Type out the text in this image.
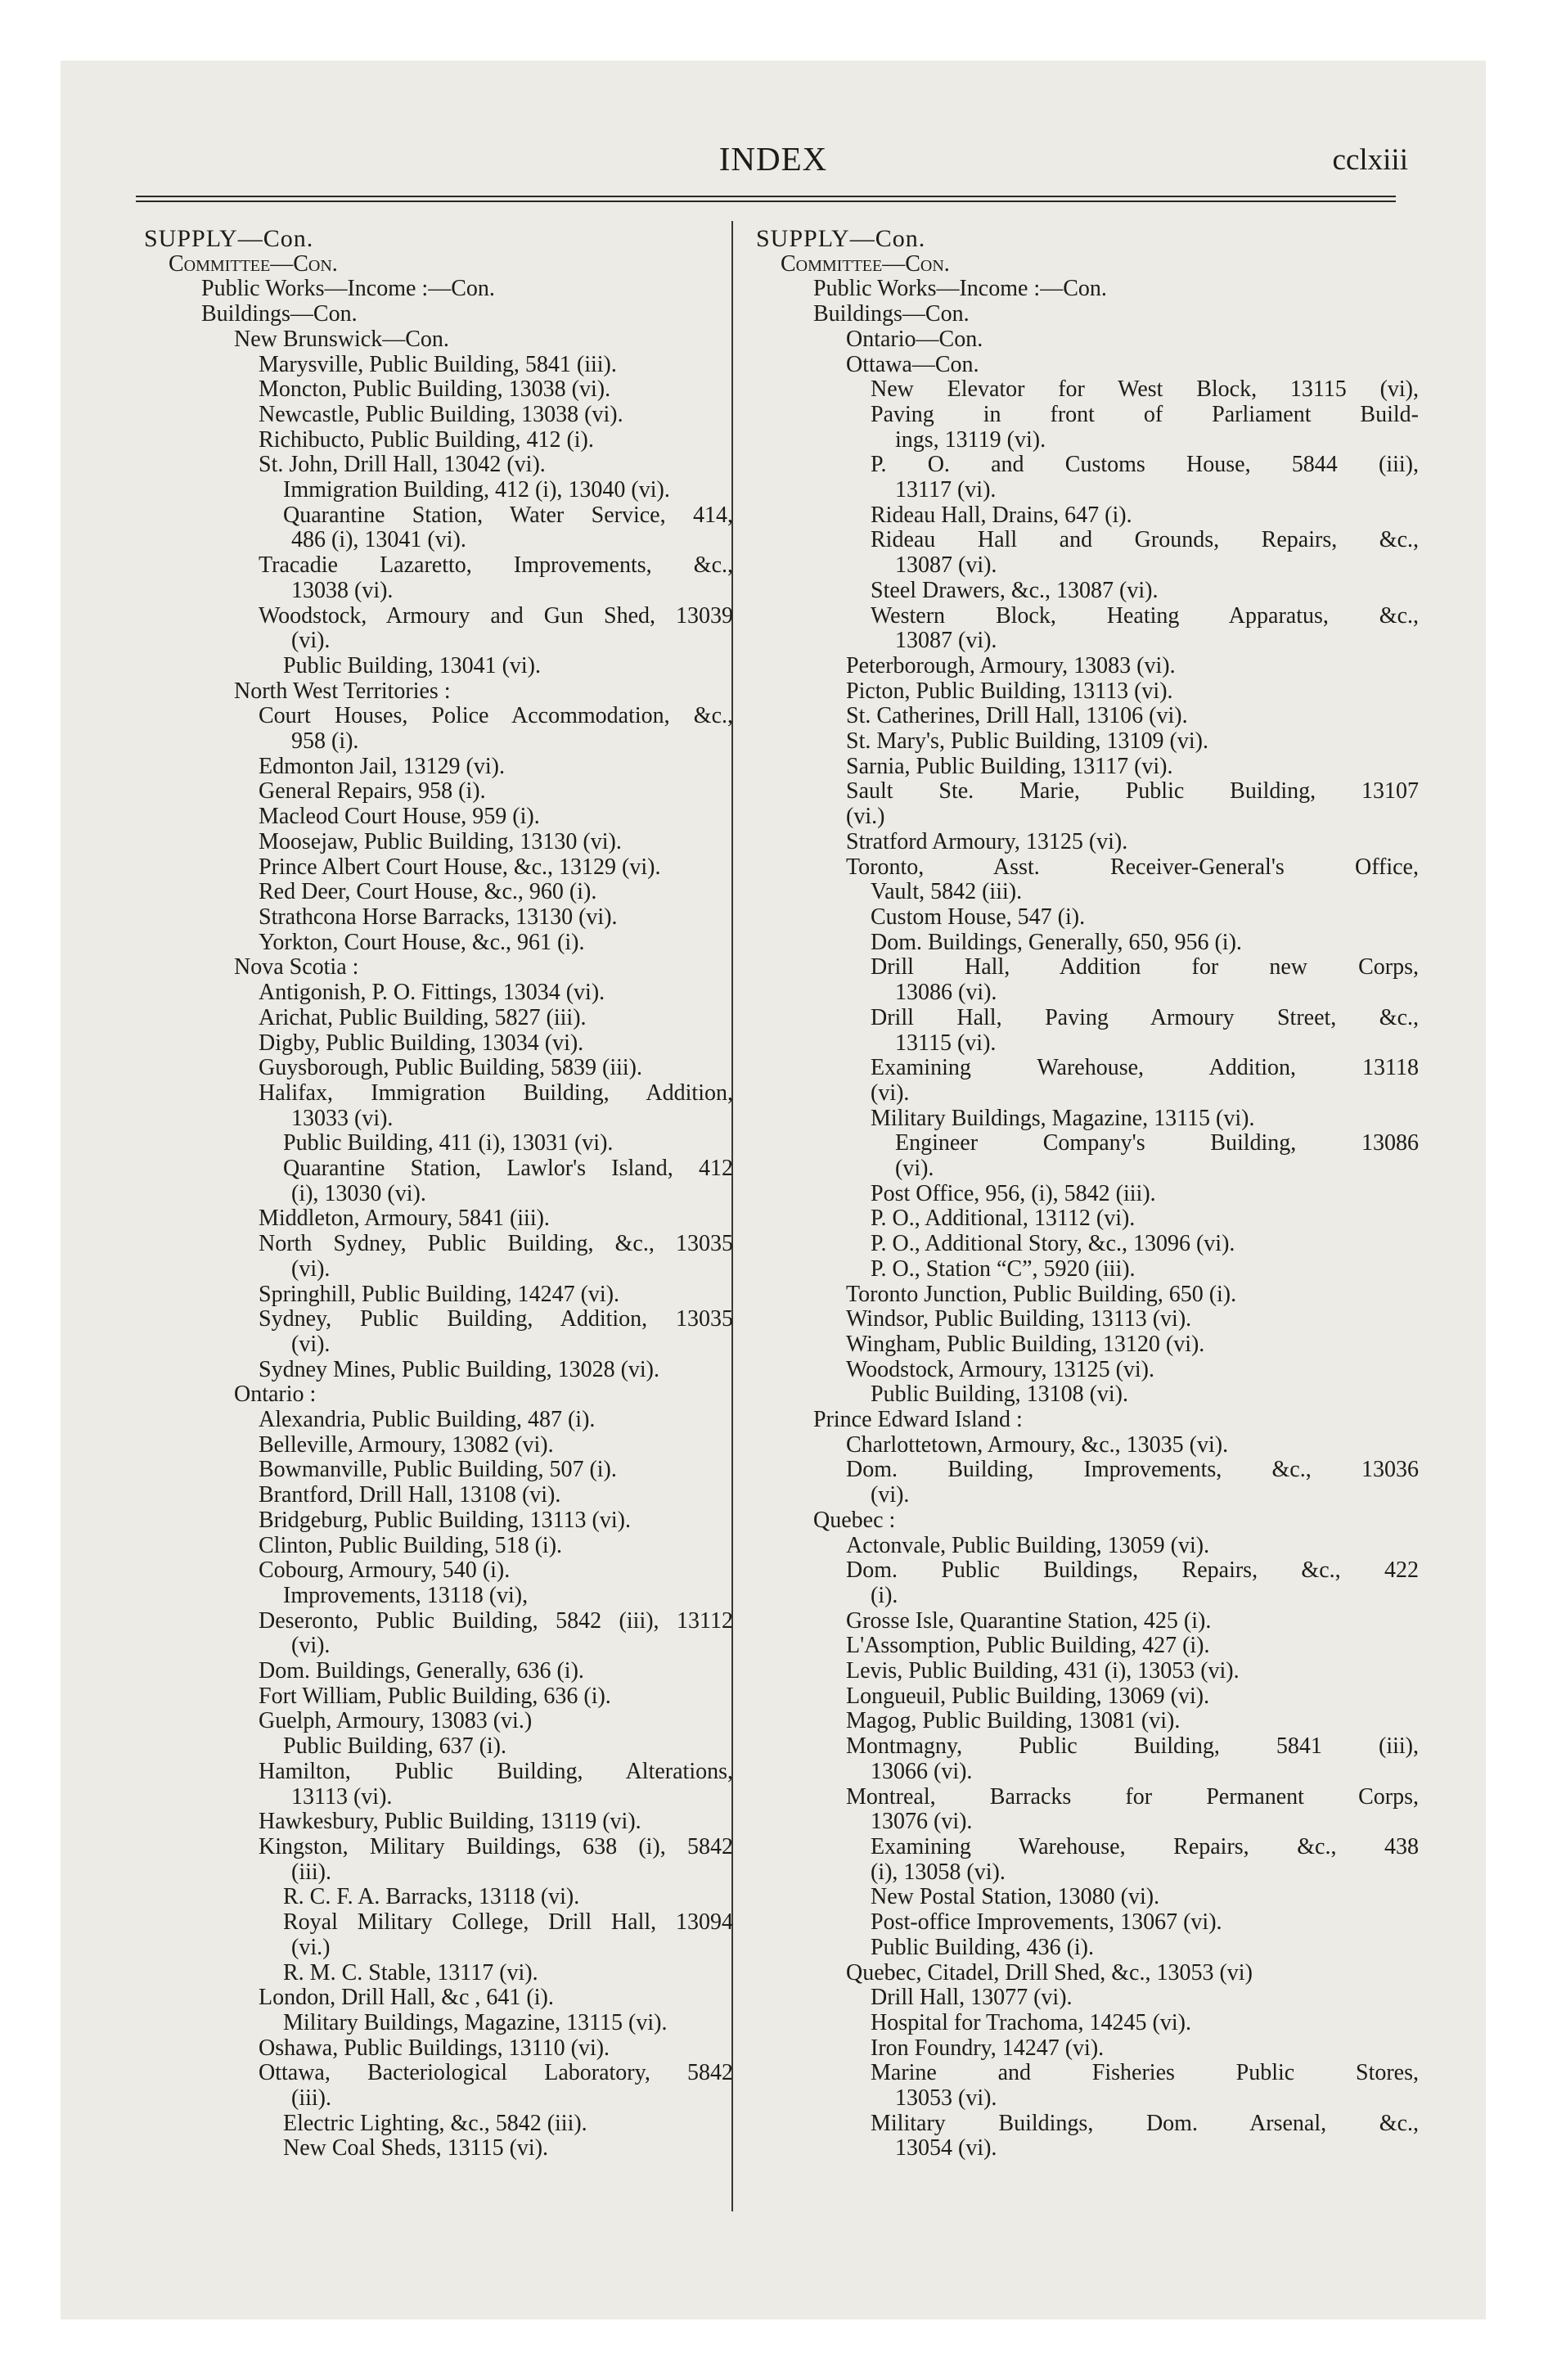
INDEX	cclxiii
SUPPLY—Con.
Committee—Con.
Public Works—Income :—Con.
Buildings—Con.
New Brunswick—Con.
Marysville, Public Building, 5841 (iii).
Moncton, Public Building, 13038 (vi).
Newcastle, Public Building, 13038 (vi).
Richibucto, Public Building, 412 (i).
St. John, Drill Hall, 13042 (vi).
Immigration Building, 412 (i), 13040 (vi).
Quarantine Station, Water Service, 414,
486 (i), 13041 (vi).
Tracadie Lazaretto, Improvements, &c.,
13038 (vi).
Woodstock, Armoury and Gun Shed, 13039
(vi).
Public Building, 13041 (vi).
North West Territories :
Court Houses, Police Accommodation, &c.,
958 (i).
Edmonton Jail, 13129 (vi).
General Repairs, 958 (i).
Macleod Court House, 959 (i).
Moosejaw, Public Building, 13130 (vi).
Prince Albert Court House, &c., 13129 (vi).
Red Deer, Court House, &c., 960 (i).
Strathcona Horse Barracks, 13130 (vi).
Yorkton, Court House, &c., 961 (i).
Nova Scotia :
Antigonish, P. O. Fittings, 13034 (vi).
Arichat, Public Building, 5827 (iii).
Digby, Public Building, 13034 (vi).
Guysborough, Public Building, 5839 (iii).
Halifax, Immigration Building, Addition,
13033 (vi).
Public Building, 411 (i), 13031 (vi).
Quarantine Station, Lawlor's Island, 412
(i), 13030 (vi).
Middleton, Armoury, 5841 (iii).
North Sydney, Public Building, &c., 13035
(vi).
Springhill, Public Building, 14247 (vi).
Sydney, Public Building, Addition, 13035
(vi).
Sydney Mines, Public Building, 13028 (vi).
Ontario :
Alexandria, Public Building, 487 (i).
Belleville, Armoury, 13082 (vi).
Bowmanville, Public Building, 507 (i).
Brantford, Drill Hall, 13108 (vi).
Bridgeburg, Public Building, 13113 (vi).
Clinton, Public Building, 518 (i).
Cobourg, Armoury, 540 (i).
Improvements, 13118 (vi),
Deseronto, Public Building, 5842 (iii), 13112
(vi).
Dom. Buildings, Generally, 636 (i).
Fort William, Public Building, 636 (i).
Guelph, Armoury, 13083 (vi.)
Public Building, 637 (i).
Hamilton, Public Building, Alterations,
13113 (vi).
Hawkesbury, Public Building, 13119 (vi).
Kingston, Military Buildings, 638 (i), 5842
(iii).
R. C. F. A. Barracks, 13118 (vi).
Royal Military College, Drill Hall, 13094
(vi.)
R. M. C. Stable, 13117 (vi).
London, Drill Hall, &c , 641 (i).
Military Buildings, Magazine, 13115 (vi).
Oshawa, Public Buildings, 13110 (vi).
Ottawa, Bacteriological Laboratory, 5842
(iii).
Electric Lighting, &c., 5842 (iii).
New Coal Sheds, 13115 (vi).
SUPPLY—Con.
Committee—Con.
Public Works—Income :—Con.
Buildings—Con.
Ontario—Con.
Ottawa—Con.
New Elevator for West Block, 13115 (vi),
Paving in front of Parliament Build-
ings, 13119 (vi).
P. O. and Customs House, 5844 (iii),
13117 (vi).
Rideau Hall, Drains, 647 (i).
Rideau Hall and Grounds, Repairs, &c.,
13087 (vi).
Steel Drawers, &c., 13087 (vi).
Western Block, Heating Apparatus, &c.,
13087 (vi).
Peterborough, Armoury, 13083 (vi).
Picton, Public Building, 13113 (vi).
St. Catherines, Drill Hall, 13106 (vi).
St. Mary's, Public Building, 13109 (vi).
Sarnia, Public Building, 13117 (vi).
Sault Ste. Marie, Public Building, 13107
(vi.)
Stratford Armoury, 13125 (vi).
Toronto, Asst. Receiver-General's Office,
Vault, 5842 (iii).
Custom House, 547 (i).
Dom. Buildings, Generally, 650, 956 (i).
Drill Hall, Addition for new Corps,
13086 (vi).
Drill Hall, Paving Armoury Street, &c.,
13115 (vi).
Examining Warehouse, Addition, 13118
(vi).
Military Buildings, Magazine, 13115 (vi).
Engineer Company's Building, 13086
(vi).
Post Office, 956, (i), 5842 (iii).
P. O., Additional, 13112 (vi).
P. O., Additional Story, &c., 13096 (vi).
P. O., Station “C”, 5920 (iii).
Toronto Junction, Public Building, 650 (i).
Windsor, Public Building, 13113 (vi).
Wingham, Public Building, 13120 (vi).
Woodstock, Armoury, 13125 (vi).
Public Building, 13108 (vi).
Prince Edward Island :
Charlottetown, Armoury, &c., 13035 (vi).
Dom. Building, Improvements, &c., 13036
(vi).
Quebec :
Actonvale, Public Building, 13059 (vi).
Dom. Public Buildings, Repairs, &c., 422
(i).
Grosse Isle, Quarantine Station, 425 (i).
L'Assomption, Public Building, 427 (i).
Levis, Public Building, 431 (i), 13053 (vi).
Longueuil, Public Building, 13069 (vi).
Magog, Public Building, 13081 (vi).
Montmagny, Public Building, 5841 (iii),
13066 (vi).
Montreal, Barracks for Permanent Corps,
13076 (vi).
Examining Warehouse, Repairs, &c., 438
(i), 13058 (vi).
New Postal Station, 13080 (vi).
Post-office Improvements, 13067 (vi).
Public Building, 436 (i).
Quebec, Citadel, Drill Shed, &c., 13053 (vi)
Drill Hall, 13077 (vi).
Hospital for Trachoma, 14245 (vi).
Iron Foundry, 14247 (vi).
Marine and Fisheries Public Stores,
13053 (vi).
Military Buildings, Dom. Arsenal, &c.,
13054 (vi).
